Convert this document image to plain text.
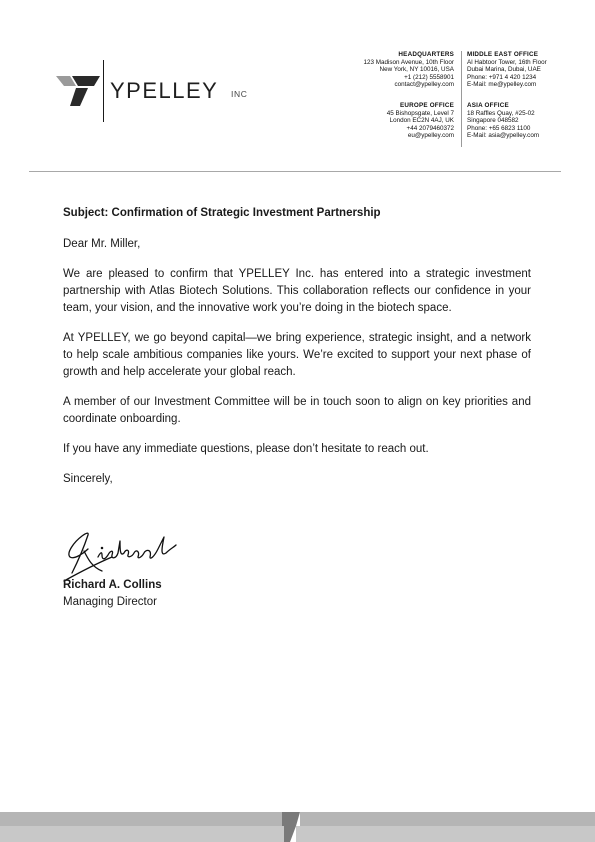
YPELLEY INC
HEADQUARTERS
123 Madison Avenue, 10th Floor
New York, NY 10016, USA
+1 (212) 5558901
contact@ypelley.com
MIDDLE EAST OFFICE
Al Habtoor Tower, 16th Floor
Dubai Marina, Dubai, UAE
Phone: +971 4 420 1234
E-Mail: me@ypelley.com
EUROPE OFFICE
45 Bishopsgate, Level 7
London EC2N 4AJ, UK
+44 2079460372
eu@ypelley.com
ASIA OFFICE
18 Raffles Quay, #25-02
Singapore 048582
Phone: +65 6823 1100
E-Mail: asia@ypelley.com
Subject: Confirmation of Strategic Investment Partnership
Dear Mr. Miller,

We are pleased to confirm that YPELLEY Inc. has entered into a strategic investment partnership with Atlas Biotech Solutions. This collaboration reflects our confidence in your team, your vision, and the innovative work you’re doing in the biotech space.

At YPELLEY, we go beyond capital—we bring experience, strategic insight, and a network to help scale ambitious companies like yours. We’re excited to support your next phase of growth and help accelerate your global reach.

A member of our Investment Committee will be in touch soon to align on key priorities and coordinate onboarding.

If you have any immediate questions, please don’t hesitate to reach out.

Sincerely,
Richard A. Collins
Managing Director
